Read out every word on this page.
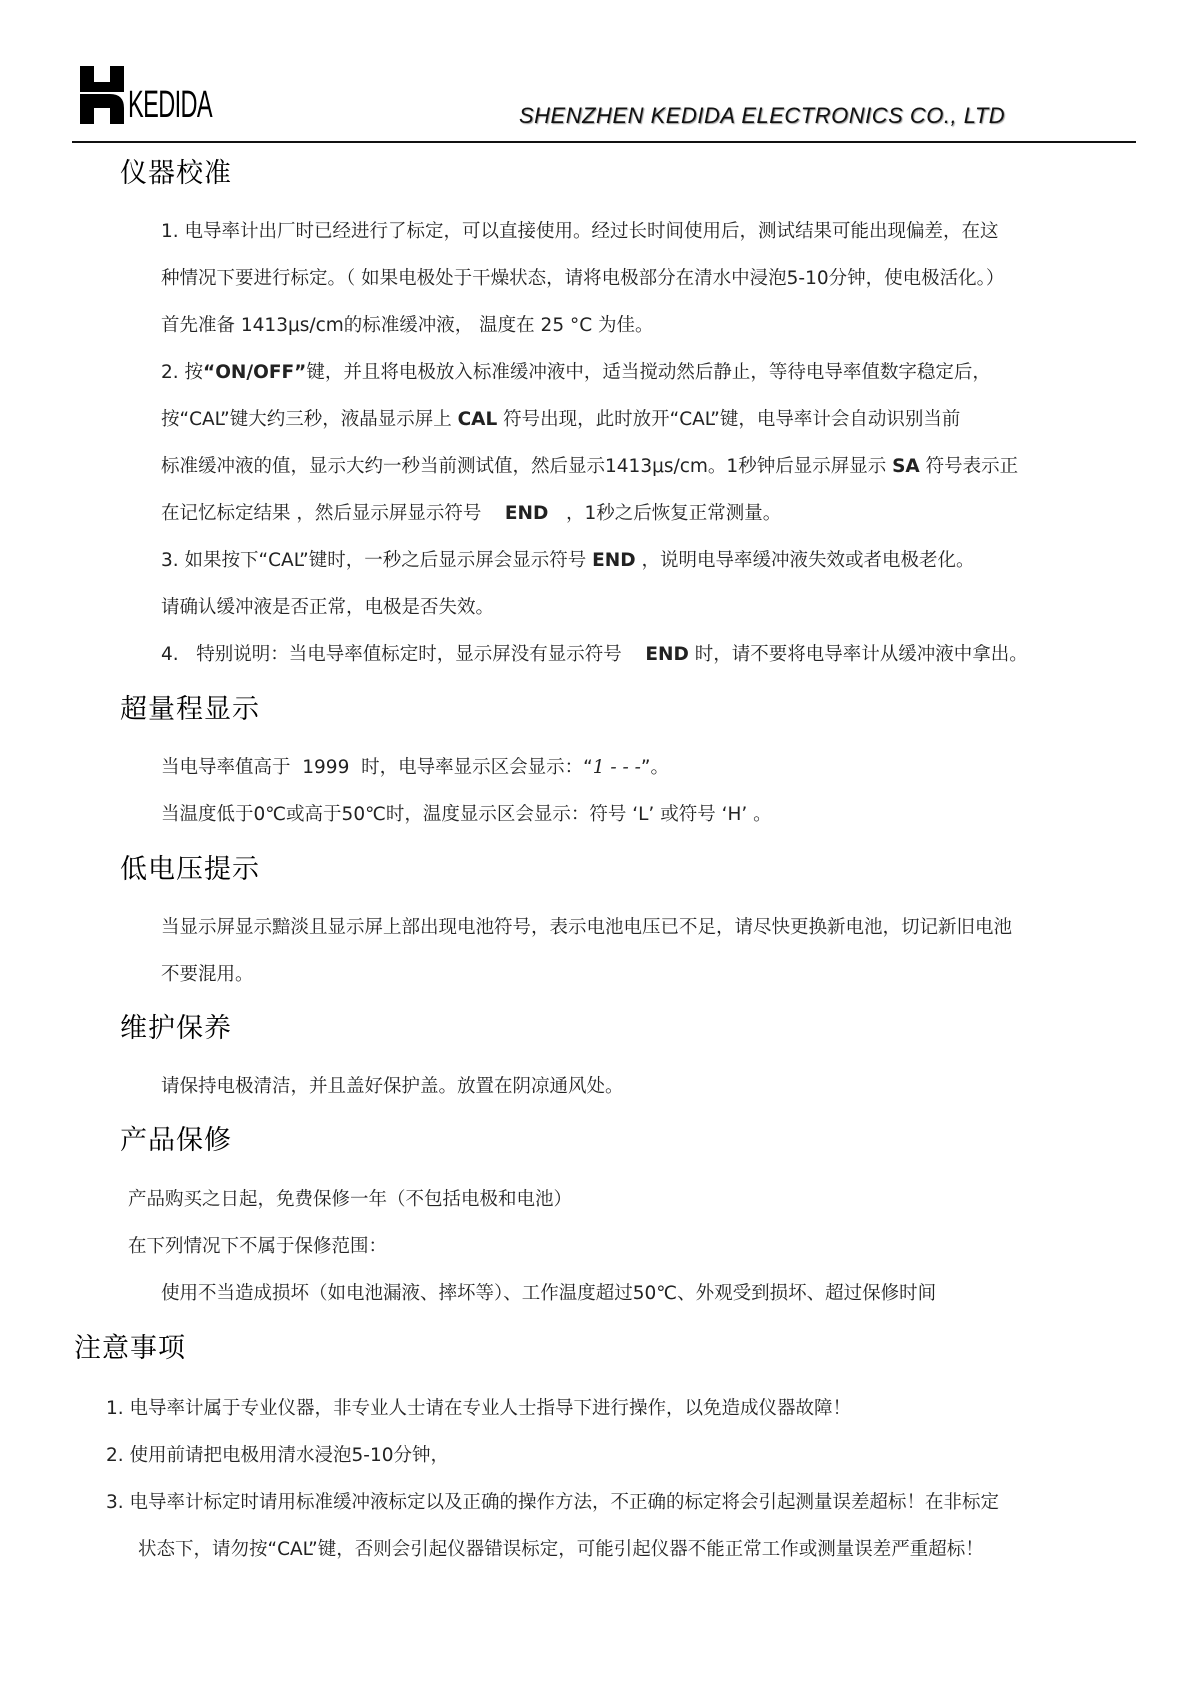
KEDIDA	SHENZHEN KEDIDA ELECTRONICS CO., LTD
仪器校准
1. 电导率计出厂时已经进行了标定，可以直接使用。经过长时间使用后，测试结果可能出现偏差，在这
种情况下要进行标定。（ 如果电极处于干燥状态，请将电极部分在清水中浸泡5-10分钟，使电极活化。）
首先准备 1413μs/cm的标准缓冲液， 温度在 25 °C 为佳。
2. 按“ON/OFF”键，并且将电极放入标准缓冲液中，适当搅动然后静止，等待电导率值数字稳定后，
按“CAL”键大约三秒，液晶显示屏上 CAL 符号出现，此时放开“CAL”键，电导率计会自动识别当前
标准缓冲液的值，显示大约一秒当前测试值，然后显示1413μs/cm。1秒钟后显示屏显示 SA 符号表示正
在记忆标定结果 ，然后显示屏显示符号    END   ，1秒之后恢复正常测量。
3. 如果按下“CAL”键时，一秒之后显示屏会显示符号 END ，说明电导率缓冲液失效或者电极老化。
请确认缓冲液是否正常，电极是否失效。
4.   特别说明：当电导率值标定时，显示屏没有显示符号    END 时，请不要将电导率计从缓冲液中拿出。
超量程显示
当电导率值高于  1999  时，电导率显示区会显示：“1 - - -”。
当温度低于0℃或高于50℃时，温度显示区会显示：符号 ‘L’ 或符号 ‘H’ 。
低电压提示
当显示屏显示黯淡且显示屏上部出现电池符号，表示电池电压已不足，请尽快更换新电池，切记新旧电池
不要混用。
维护保养
请保持电极清洁，并且盖好保护盖。放置在阴凉通风处。
产品保修
产品购买之日起，免费保修一年（不包括电极和电池）
在下列情况下不属于保修范围：
使用不当造成损坏（如电池漏液、摔坏等）、工作温度超过50℃、外观受到损坏、超过保修时间
注意事项
1. 电导率计属于专业仪器，非专业人士请在专业人士指导下进行操作，以免造成仪器故障！
2. 使用前请把电极用清水浸泡5-10分钟，
3. 电导率计标定时请用标准缓冲液标定以及正确的操作方法，不正确的标定将会引起测量误差超标！在非标定
状态下，请勿按“CAL”键，否则会引起仪器错误标定，可能引起仪器不能正常工作或测量误差严重超标！
